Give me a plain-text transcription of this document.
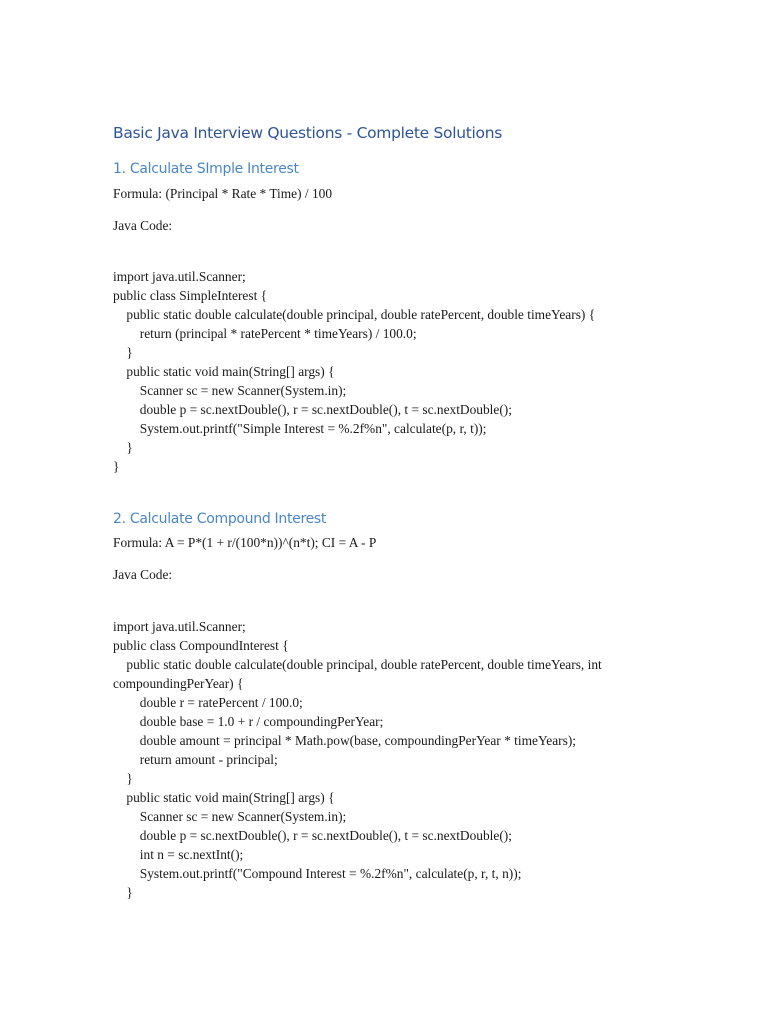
Basic Java Interview Questions - Complete Solutions
1. Calculate SImple Interest

Formula: (Principal * Rate * Time) / 100

Java Code:

import java.util.Scanner;

public class SimpleInterest {

public static double calculate(double principal, double ratePercent, double timeYears) {

return (principal * ratePercent * timeYears) / 100.0;

}

public static void main(String[] args) {

Scanner sc = new Scanner(System.in);

double p = sc.nextDouble(), r = sc.nextDouble(), t = sc.nextDouble();

System.out.printf("Simple Interest = %.2f%n", calculate(p, r, t));

}

}

2. Calculate Compound Interest

Formula: A = P*(1 + r/(100*n))^(n*t); CI = A - P

Java Code:

import java.util.Scanner;

public class CompoundInterest {

public static double calculate(double principal, double ratePercent, double timeYears, int

compoundingPerYear) {

double r = ratePercent / 100.0;

double base = 1.0 + r / compoundingPerYear;

double amount = principal * Math.pow(base, compoundingPerYear * timeYears);

return amount - principal;

}

public static void main(String[] args) {

Scanner sc = new Scanner(System.in);

double p = sc.nextDouble(), r = sc.nextDouble(), t = sc.nextDouble();

int n = sc.nextInt();

System.out.printf("Compound Interest = %.2f%n", calculate(p, r, t, n));

}
